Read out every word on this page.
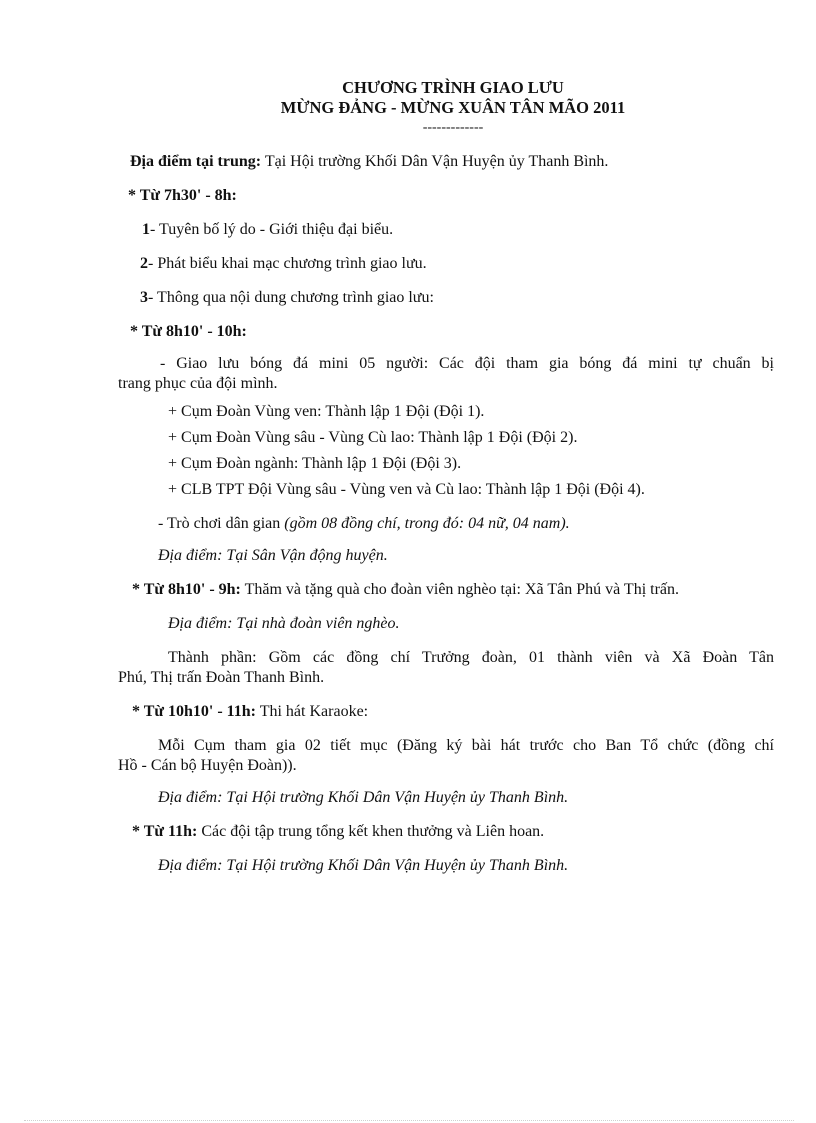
CHƯƠNG TRÌNH GIAO LƯU
MỪNG ĐẢNG - MỪNG XUÂN TÂN MÃO 2011
-------------
Địa điểm tại trung: Tại Hội trường Khối Dân Vận Huyện ủy Thanh Bình.
* Từ 7h30' - 8h:
1- Tuyên bố lý do - Giới thiệu đại biểu.
2- Phát biểu khai mạc chương trình giao lưu.
3- Thông qua nội dung chương trình giao lưu:
* Từ 8h10' - 10h:
- Giao lưu bóng đá mini 05 người: Các đội tham gia bóng đá mini tự chuẩn bị
trang phục của đội mình.
+ Cụm Đoàn Vùng ven: Thành lập 1 Đội (Đội 1).
+ Cụm Đoàn Vùng sâu - Vùng Cù lao: Thành lập 1 Đội (Đội 2).
+ Cụm Đoàn ngành: Thành lập 1 Đội (Đội 3).
+ CLB TPT Đội Vùng sâu - Vùng ven và Cù lao: Thành lập 1 Đội (Đội 4).
- Trò chơi dân gian (gồm 08 đồng chí, trong đó: 04 nữ, 04 nam).
Địa điểm: Tại Sân Vận động huyện.
* Từ 8h10' - 9h: Thăm và tặng quà cho đoàn viên nghèo tại: Xã Tân Phú và Thị trấn.
Địa điểm: Tại nhà đoàn viên nghèo.
Thành phần: Gồm các đồng chí Trưởng đoàn, 01 thành viên và Xã Đoàn Tân
Phú, Thị trấn Đoàn Thanh Bình.
* Từ 10h10' - 11h: Thi hát Karaoke:
Mỗi Cụm tham gia 02 tiết mục (Đăng ký bài hát trước cho Ban Tổ chức (đồng chí
Hồ - Cán bộ Huyện Đoàn)).
Địa điểm: Tại Hội trường Khối Dân Vận Huyện ủy Thanh Bình.
* Từ 11h: Các đội tập trung tổng kết khen thưởng và Liên hoan.
Địa điểm: Tại Hội trường Khối Dân Vận Huyện ủy Thanh Bình.
